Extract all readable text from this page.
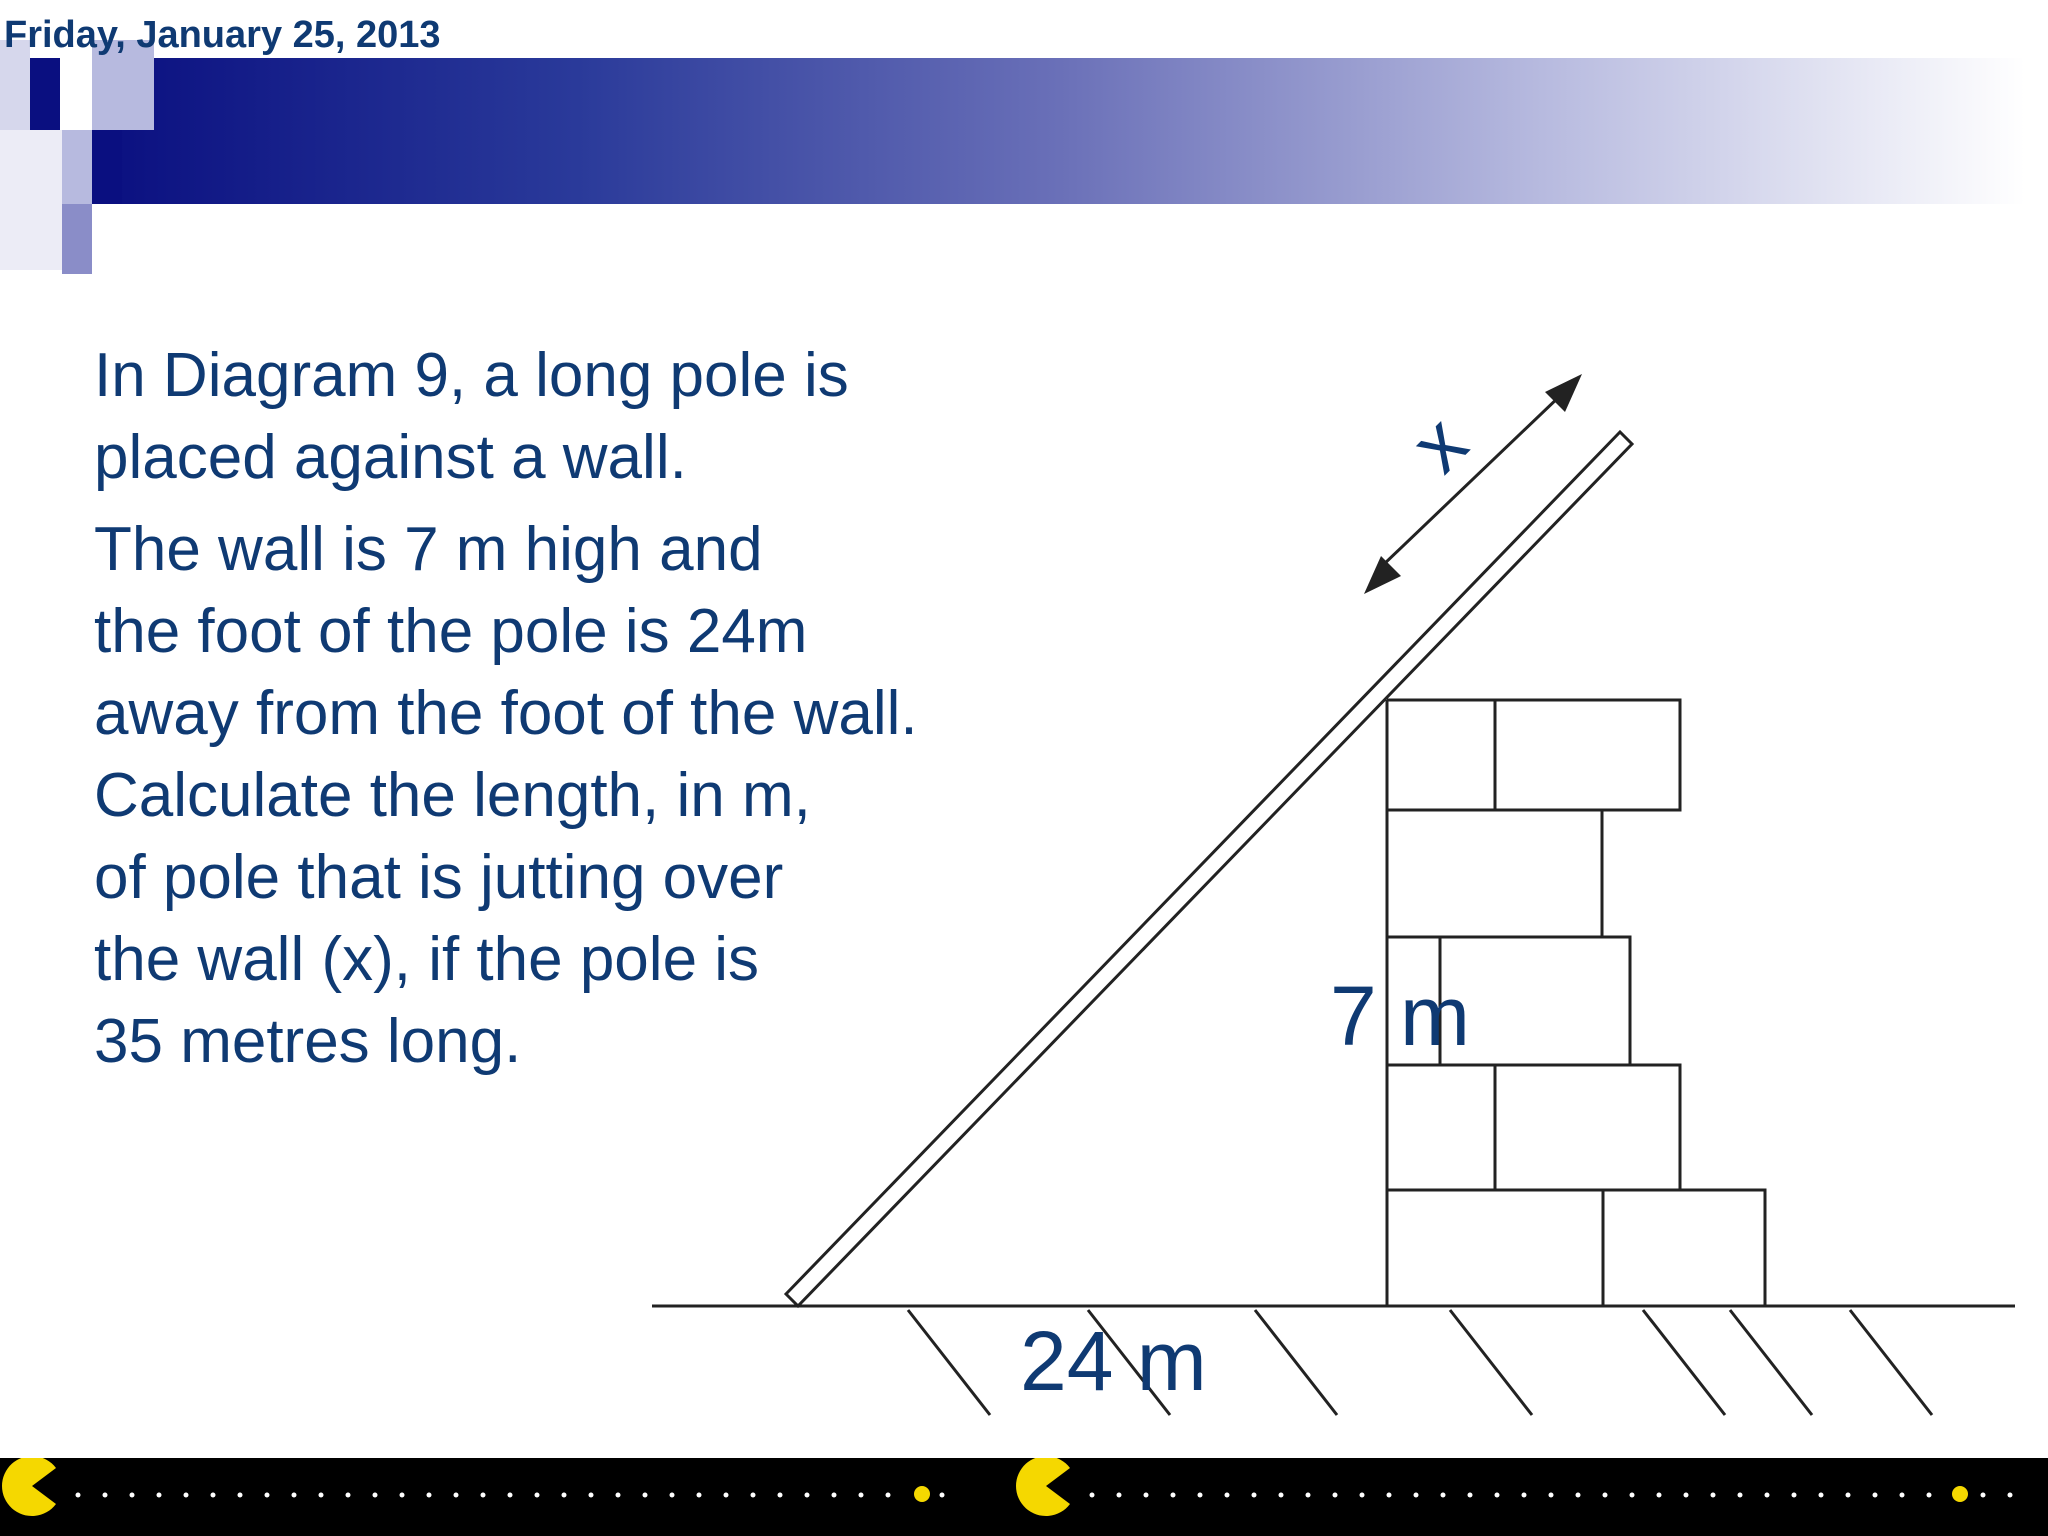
Friday, January 25, 2013

In Diagram 9, a long pole is
placed against a wall.

The wall is 7 m high and
the foot of the pole is 24m
away from the foot of the wall.
Calculate the length, in m,
of pole that is jutting over
the wall (x), if the pole is
35 metres long.

x
7 m
24 m
